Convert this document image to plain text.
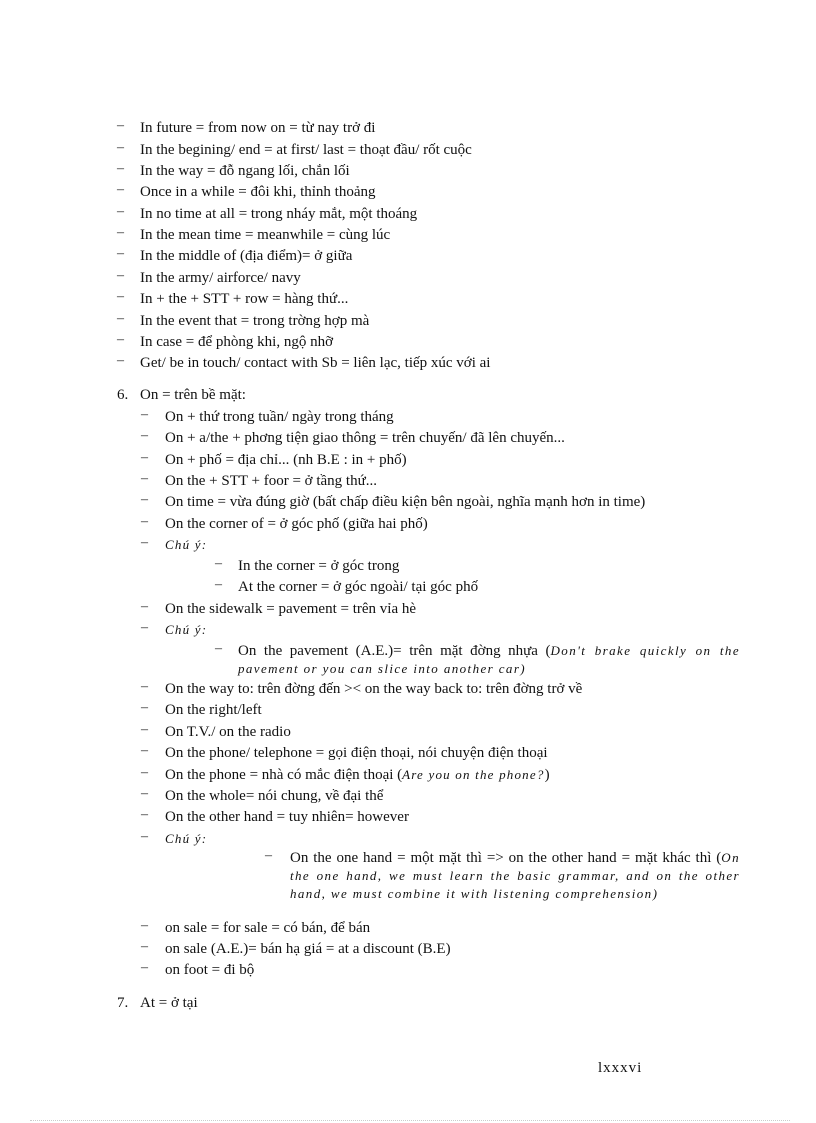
– In future = from now on = từ nay trở đi
– In the begining/ end = at first/ last = thoạt đầu/ rốt cuộc
– In the way = đỗ ngang lối, chắn lối
– Once in a while = đôi khi, thỉnh thoảng
– In no time at all = trong nháy mắt, một thoáng
– In the mean time = meanwhile = cùng lúc
– In the middle of (địa điểm)= ở giữa
– In the army/ airforce/ navy
– In + the + STT + row = hàng thứ...
– In the event that = trong trờng hợp mà
– In case = để phòng khi, ngộ nhỡ
– Get/ be in touch/ contact with Sb = liên lạc, tiếp xúc với ai
6. On = trên bề mặt:
– On + thứ trong tuần/ ngày trong tháng
– On + a/the + phơng tiện giao thông = trên chuyến/ đã lên chuyến...
– On + phố = địa chỉ... (nh B.E : in + phố)
– On the + STT + foor = ở tầng thứ...
– On time = vừa đúng giờ (bất chấp điều kiện bên ngoài, nghĩa mạnh hơn in time)
– On the corner of = ở góc phố (giữa hai phố)
– Chú ý:
– In the corner = ở góc trong
– At the corner = ở góc ngoài/ tại góc phố
– On the sidewalk = pavement = trên vỉa hè
– Chú ý:
– On the pavement (A.E.)= trên mặt đờng nhựa (Don't brake quickly on the pavement or you can slice into another car)
– On the way to: trên đờng đến >< on the way back to: trên đờng trở về
– On the right/left
– On T.V./ on the radio
– On the phone/ telephone = gọi điện thoại, nói chuyện điện thoại
– On the phone = nhà có mắc điện thoại (Are you on the phone?)
– On the whole= nói chung, về đại thể
– On the other hand = tuy nhiên= however
– Chú ý:
– On the one hand = một mặt thì => on the other hand = mặt khác thì (On the one hand, we must learn the basic grammar, and on the other hand, we must combine it with listening comprehension)
– on sale = for sale = có bán, để bán
– on sale (A.E.)= bán hạ giá = at a discount (B.E)
– on foot = đi bộ
7. At = ở tại
lxxxvi
